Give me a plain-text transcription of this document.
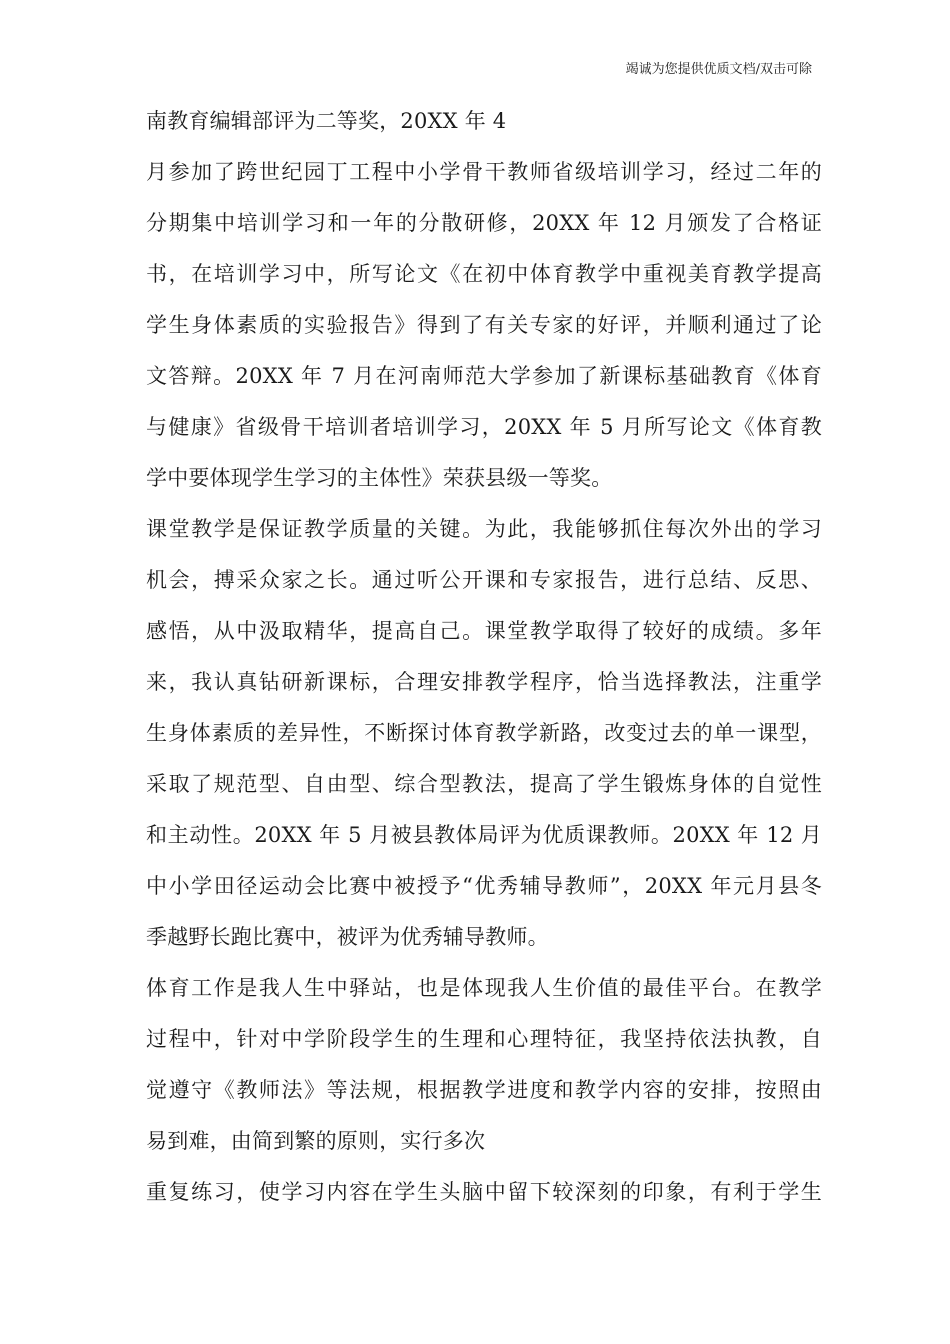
竭诚为您提供优质文档/双击可除
南教育编辑部评为二等奖，20XX 年 4
月参加了跨世纪园丁工程中小学骨干教师省级培训学习，经过二年的
分期集中培训学习和一年的分散研修，20XX 年 12 月颁发了合格证
书，在培训学习中，所写论文《在初中体育教学中重视美育教学提高
学生身体素质的实验报告》得到了有关专家的好评，并顺利通过了论
文答辩。20XX 年 7 月在河南师范大学参加了新课标基础教育《体育
与健康》省级骨干培训者培训学习，20XX 年 5 月所写论文《体育教
学中要体现学生学习的主体性》荣获县级一等奖。
课堂教学是保证教学质量的关键。为此，我能够抓住每次外出的学习
机会，搏采众家之长。通过听公开课和专家报告，进行总结、反思、
感悟，从中汲取精华，提高自己。课堂教学取得了较好的成绩。多年
来，我认真钻研新课标，合理安排教学程序，恰当选择教法，注重学
生身体素质的差异性，不断探讨体育教学新路，改变过去的单一课型，
采取了规范型、自由型、综合型教法，提高了学生锻炼身体的自觉性
和主动性。20XX 年 5 月被县教体局评为优质课教师。20XX 年 12 月
中小学田径运动会比赛中被授予“优秀辅导教师”，20XX 年元月县冬
季越野长跑比赛中，被评为优秀辅导教师。
体育工作是我人生中驿站，也是体现我人生价值的最佳平台。在教学
过程中，针对中学阶段学生的生理和心理特征，我坚持依法执教，自
觉遵守《教师法》等法规，根据教学进度和教学内容的安排，按照由
易到难，由简到繁的原则，实行多次
重复练习，使学习内容在学生头脑中留下较深刻的印象，有利于学生
